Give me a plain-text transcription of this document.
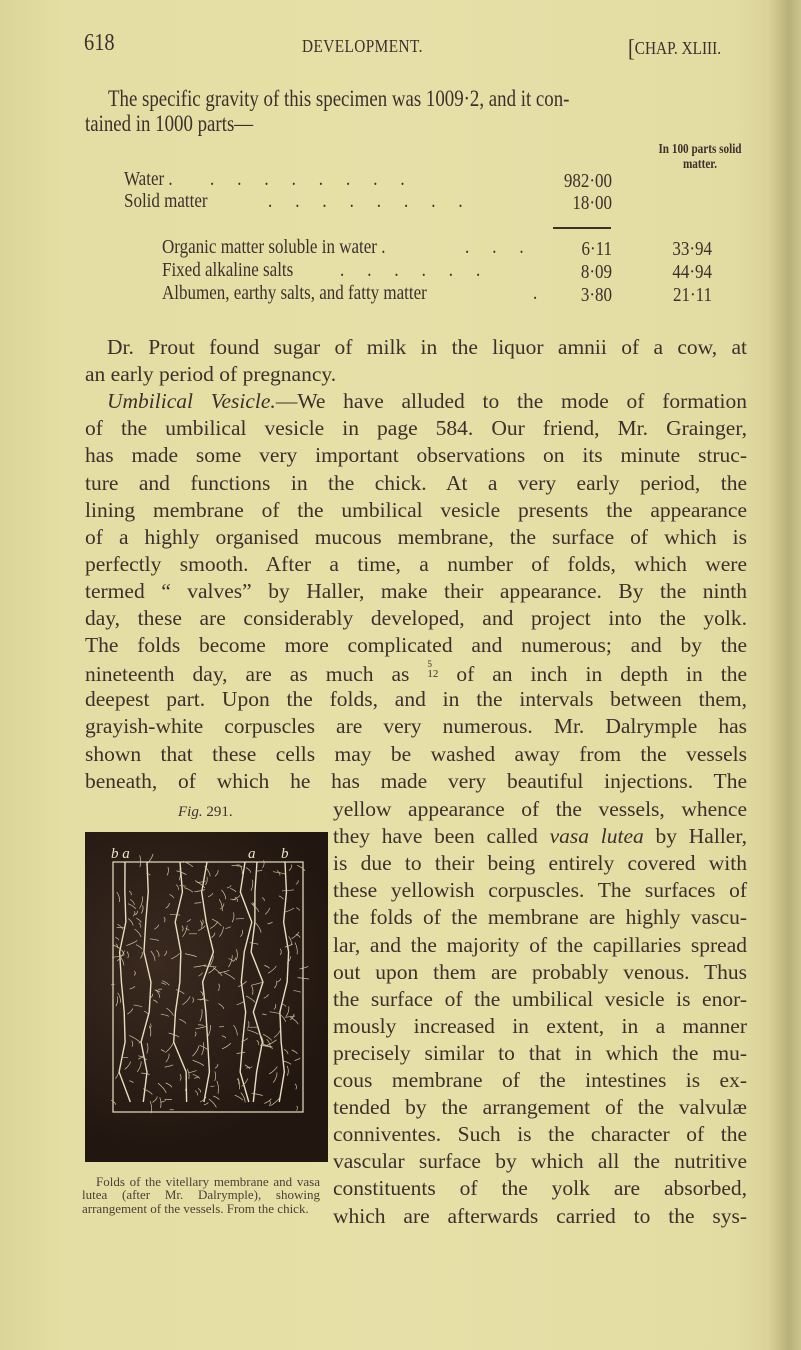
618	DEVELOPMENT.	[CHAP. XLIII.
The specific gravity of this specimen was 1009·2, and it con-
tained in 1000 parts—
In 100 parts solid matter.
Water . . . . . . . . .	982·00
Solid matter	. . . . . . . .	18·00
Organic matter soluble in water .	. . .	6·11	33·94
Fixed alkaline salts . . . . . .	8·09	44·94
Albumen, earthy salts, and fatty matter	.	3·80	21·11
Dr. Prout found sugar of milk in the liquor amnii of a cow, at
an early period of pregnancy.
Umbilical Vesicle.—We have alluded to the mode of formation
of the umbilical vesicle in page 584. Our friend, Mr. Grainger,
has made some very important observations on its minute struc-
ture and functions in the chick. At a very early period, the
lining membrane of the umbilical vesicle presents the appearance
of a highly organised mucous membrane, the surface of which is
perfectly smooth. After a time, a number of folds, which were
termed “ valves” by Haller, make their appearance. By the ninth
day, these are considerably developed, and project into the yolk.
The folds become more complicated and numerous; and by the
nineteenth day, are as much as 5
12 of an inch in depth in the
deepest part. Upon the folds, and in the intervals between them,
grayish-white corpuscles are very numerous. Mr. Dalrymple has
shown that these cells may be washed away from the vessels
beneath, of which he has made very beautiful injections. The
yellow appearance of the vessels, whence
they have been called vasa lutea by Haller,
is due to their being entirely covered with
these yellowish corpuscles. The surfaces of
the folds of the membrane are highly vascu-
lar, and the majority of the capillaries spread
out upon them are probably venous. Thus
the surface of the umbilical vesicle is enor-
mously increased in extent, in a manner
precisely similar to that in which the mu-
cous membrane of the intestines is ex-
tended by the arrangement of the valvulæ
conniventes. Such is the character of the
vascular surface by which all the nutritive
constituents of the yolk are absorbed,
which are afterwards carried to the sys-
Fig. 291.
b a	a b
Folds of the vitellary membrane and vasa lutea (after Mr. Dalrymple), showing arrangement of the vessels. From the chick.
